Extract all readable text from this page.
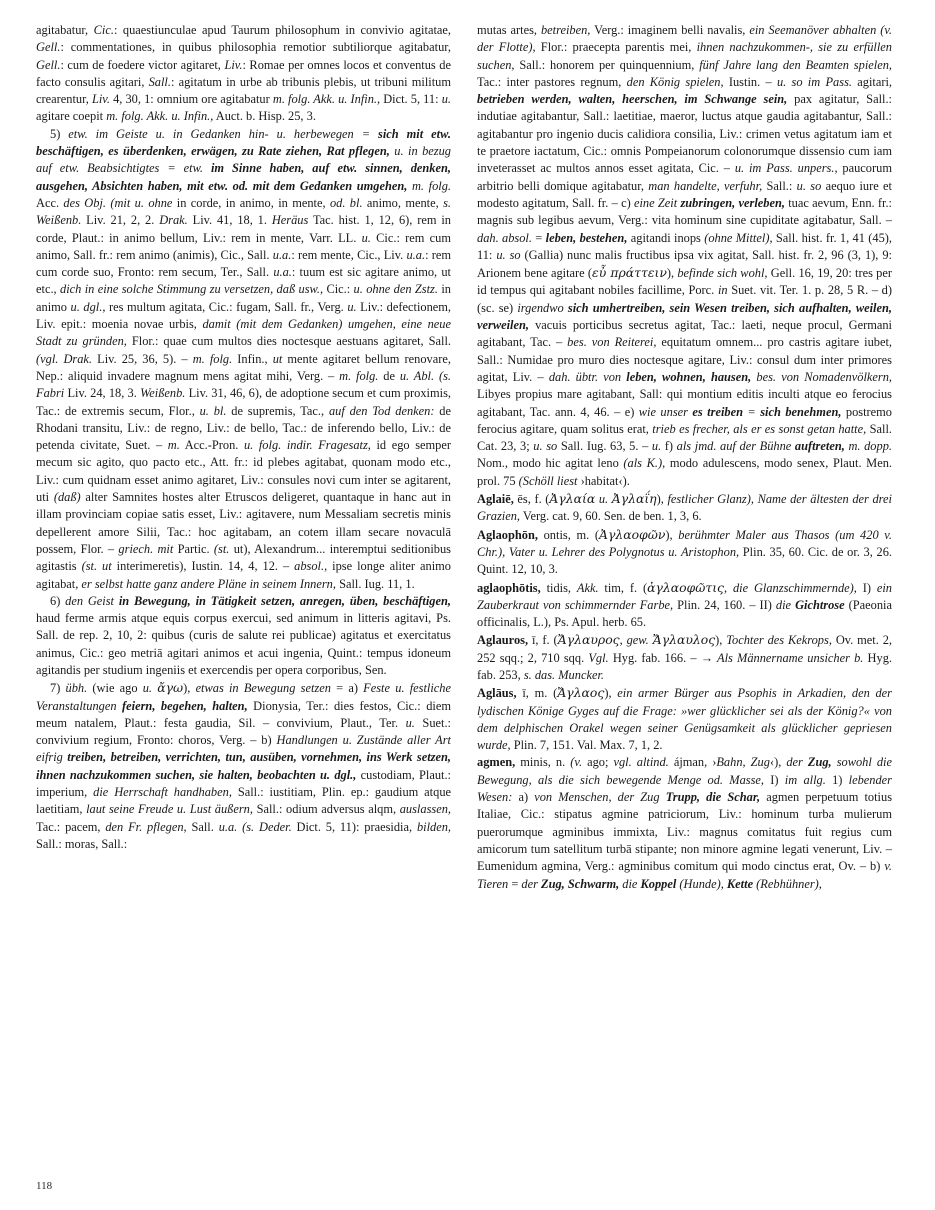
agitabatur, Cic.: quaestiunculae apud Taurum philosophum in convivio agitatae, Gell.: commentationes, in quibus philosophia remotior subtiliorque agitabatur, Gell.: cum de foedere victor agitaret, Liv.: Romae per omnes locos et conventus de facto consulis agitari, Sall.: agitatum in urbe ab tribunis plebis, ut tribuni militum crearentur, Liv. 4, 30, 1: omnium ore agitabatur m. folg. Akk. u. Infin., Dict. 5, 11: u. agitare coepit m. folg. Akk. u. Infin., Auct. b. Hisp. 25, 3.

5) etw. im Geiste u. in Gedanken hin- u. herbewegen = sich mit etw. beschäftigen, es überdenken, erwägen, zu Rate ziehen, Rat pflegen, u. in bezug auf etw. Beabsichtigtes = etw. im Sinne haben, auf etw. sinnen, denken, ausgehen, Absichten haben, mit etw. od. mit dem Gedanken umgehen, m. folg. Acc. des Obj. (mit u. ohne in corde, in animo, in mente, od. bl. animo, mente, s. Weißenb. Liv. 21, 2, 2. Drak. Liv. 41, 18, 1. Heräus Tac. hist. 1, 12, 6), rem in corde, Plaut.: in animo bellum, Liv.: rem in mente, Varr. LL. u. Cic.: rem cum animo, Sall. fr.: rem animo (animis), Cic., Sall. u.a.: rem mente, Cic., Liv. u.a.: rem cum corde suo, Fronto: rem secum, Ter., Sall. u.a.: tuum est sic agitare animo, ut etc., dich in eine solche Stimmung zu versetzen, daß usw., Cic.: u. ohne den Zstz. in animo u. dgl., res multum agitata, Cic.: fugam, Sall. fr., Verg. u. Liv.: defectionem, Liv. epit.: moenia novae urbis, damit (mit dem Gedanken) umgehen, eine neue Stadt zu gründen, Flor.: quae cum multos dies noctesque aestuans agitaret, Sall. (vgl. Drak. Liv. 25, 36, 5). – m. folg. Infin., ut mente agitaret bellum renovare, Nep.: aliquid invadere magnum mens agitat mihi, Verg. – m. folg. de u. Abl. (s. Fabri Liv. 24, 18, 3. Weißenb. Liv. 31, 46, 6), de adoptione secum et cum proximis, Tac.: de extremis secum, Flor., u. bl. de supremis, Tac., auf den Tod denken: de Rhodani transitu, Liv.: de regno, Liv.: de bello, Tac.: de inferendo bello, Liv.: de petenda civitate, Suet. – m. Acc.-Pron. u. folg. indir. Fragesatz, id ego semper mecum sic agito, quo pacto etc., Att. fr.: id plebes agitabat, quonam modo etc., Liv.: cum quidnam esset animo agitaret, Liv.: consules novi cum inter se agitarent, uti (daß) alter Samnites hostes alter Etruscos deligeret, quantaque in hanc aut in illam provinciam copiae satis esset, Liv.: agitavere, num Messaliam secretis minis depellerent amore Silii, Tac.: hoc agitabam, an cotem illam secare novaculā possem, Flor. – griech. mit Partic. (st. ut), Alexandrum... interemptui seditionibus agitastis (st. ut interimeretis), Iustin. 14, 4, 12. – absol., ipse longe aliter animo agitabat, er selbst hatte ganz andere Pläne in seinem Innern, Sall. Iug. 11, 1.

6) den Geist in Bewegung, in Tätigkeit setzen, anregen, üben, beschäftigen, haud ferme armis atque equis corpus exercui, sed animum in litteris agitavi, Ps. Sall. de rep. 2, 10, 2: quibus (curis de salute rei publicae) agitatus et exercitatus animus, Cic.: geo metriā agitari animos et acui ingenia, Quint.: tempus idoneum agitandis per studium ingeniis et exercendis per opera corporibus, Sen.

7) übh. (wie ago u. ἄγω), etwas in Bewegung setzen = a) Feste u. festliche Veranstaltungen feiern, begehen, halten, Dionysia, Ter.: dies festos, Cic.: diem meum natalem, Plaut.: festa gaudia, Sil. – convivium, Plaut., Ter. u. Suet.: convivium regium, Fronto: choros, Verg. – b) Handlungen u. Zustände aller Art eifrig treiben, betreiben, verrichten, tun, ausüben, vornehmen, ins Werk setzen, ihnen nachzukommen suchen, sie halten, beobachten u. dgl., custodiam, Plaut.: imperium, die Herrschaft handhaben, Sall.: iustitiam, Plin. ep.: gaudium atque laetitiam, laut seine Freude u. Lust äußern, Sall.: odium adversus alqm, auslassen, Tac.: pacem, den Fr. pflegen, Sall. u.a. (s. Deder. Dict. 5, 11): praesidia, bilden, Sall.: moras, Sall.:

mutas artes, betreiben, Verg.: imaginem belli navalis, ein Seemanöver abhalten (v. der Flotte), Flor.: praecepta parentis mei, ihnen nachzukommen-, sie zu erfüllen suchen, Sall.: honorem per quinquennium, fünf Jahre lang den Beamten spielen, Tac.: inter pastores regnum, den König spielen, Iustin. – u. so im Pass. agitari, betrieben werden, walten, heerschen, im Schwange sein, pax agitatur, Sall.: indutiae agitabantur, Sall.: laetitiae, maeror, luctus atque gaudia agitabantur, Sall.: agitabantur pro ingenio ducis calidiora consilia, Liv.: crimen vetus agitatum iam et te praetore iactatum, Cic.: omnis Pompeianorum colonorumque dissensio cum iam inveterasset ac multos annos esset agitata, Cic. – u. im Pass. unpers., paucorum arbitrio belli domique agitabatur, man handelte, verfuhr, Sall.: u. so aequo iure et modesto agitatum, Sall. fr. – c) eine Zeit zubringen, verleben, tuac aevum, Enn. fr.: magnis sub legibus aevum, Verg.: vita hominum sine cupiditate agitabatur, Sall. – dah. absol. = leben, bestehen, agitandi inops (ohne Mittel), Sall. hist. fr. 1, 41 (45), 11: u. so (Gallia) nunc malis fructibus ipsa vix agitat, Sall. hist. fr. 2, 96 (3, 1), 9: Arionem bene agitare (εὖ πράττειν), befinde sich wohl, Gell. 16, 19, 20: tres per id tempus qui agitabant nobiles facillime, Porc. in Suet. vit. Ter. 1. p. 28, 5 R. – d) (sc. se) irgendwo sich umhertreiben, sein Wesen treiben, sich aufhalten, weilen, verweilen, vacuis porticibus secretus agitat, Tac.: laeti, neque procul, Germani agitabant, Tac. – bes. von Reiterei, equitatum omnem... pro castris agitare iubet, Sall.: Numidae pro muro dies noctesque agitare, Liv.: consul dum inter primores agitat, Liv. – dah. übtr. von leben, wohnen, hausen, bes. von Nomadenvölkern, Libyes propius mare agitabant, Sall: qui montium editis inculti atque eo ferocius agitabant, Tac. ann. 4, 46. – e) wie unser es treiben = sich benehmen, postremo ferocius agitare, quam solitus erat, trieb es frecher, als er es sonst getan hatte, Sall. Cat. 23, 3; u. so Sall. Iug. 63, 5. – u. f) als jmd. auf der Bühne auftreten, m. dopp. Nom., modo hic agitat leno (als K.), modo adulescens, modo senex, Plaut. Men. prol. 75 (Schöll liest ›habitat‹).

Aglaiē, ēs, f. (Ἀγλαία u. Ἀγλαΐη), festlicher Glanz), Name der ältesten der drei Grazien, Verg. cat. 9, 60. Sen. de ben. 1, 3, 6.

Aglaophōn, ontis, m. (Ἀγλαοφῶν), berühmter Maler aus Thasos (um 420 v. Chr.), Vater u. Lehrer des Polygnotus u. Aristophon, Plin. 35, 60. Cic. de or. 3, 26. Quint. 12, 10, 3.

aglaophōtis, tidis, Akk. tim, f. (ἀγλαοφῶτις, die Glanzschimmernde), I) ein Zauberkraut von schimmernder Farbe, Plin. 24, 160. – II) die Gichtrose (Paeonia officinalis, L.), Ps. Apul. herb. 65.

Aglauros, ī, f. (Ἄγλαυρος, gew. Ἄγλαυλος), Tochter des Kekrops, Ov. met. 2, 252 sqq.; 2, 710 sqq. Vgl. Hyg. fab. 166. – → Als Männername unsicher b. Hyg. fab. 253, s. das. Muncker.

Aglāus, ī, m. (Ἄγλαος), ein armer Bürger aus Psophis in Arkadien, den der lydischen Könige Gyges auf die Frage: »wer glücklicher sei als der König?« von dem delphischen Orakel wegen seiner Genügsamkeit als glücklicher gepriesen wurde, Plin. 7, 151. Val. Max. 7, 1, 2.

agmen, minis, n. (v. ago; vgl. altind. ájman, ›Bahn, Zug‹), der Zug, sowohl die Bewegung, als die sich bewegende Menge od. Masse, I) im allg. 1) lebender Wesen: a) von Menschen, der Zug Trupp, die Schar, agmen perpetuum totius Italiae, Cic.: stipatus agmine patriciorum, Liv.: hominum turba mulierum puerorumque agminibus immixta, Liv.: magnus comitatus fuit regius cum amicorum tum satellitum turbā stipante; non minore agmine legati venerunt, Liv. – Eumenidum agmina, Verg.: agminibus comitum qui modo cinctus erat, Ov. – b) v. Tieren = der Zug, Schwarm, die Koppel (Hunde), Kette (Rebhühner),

118
